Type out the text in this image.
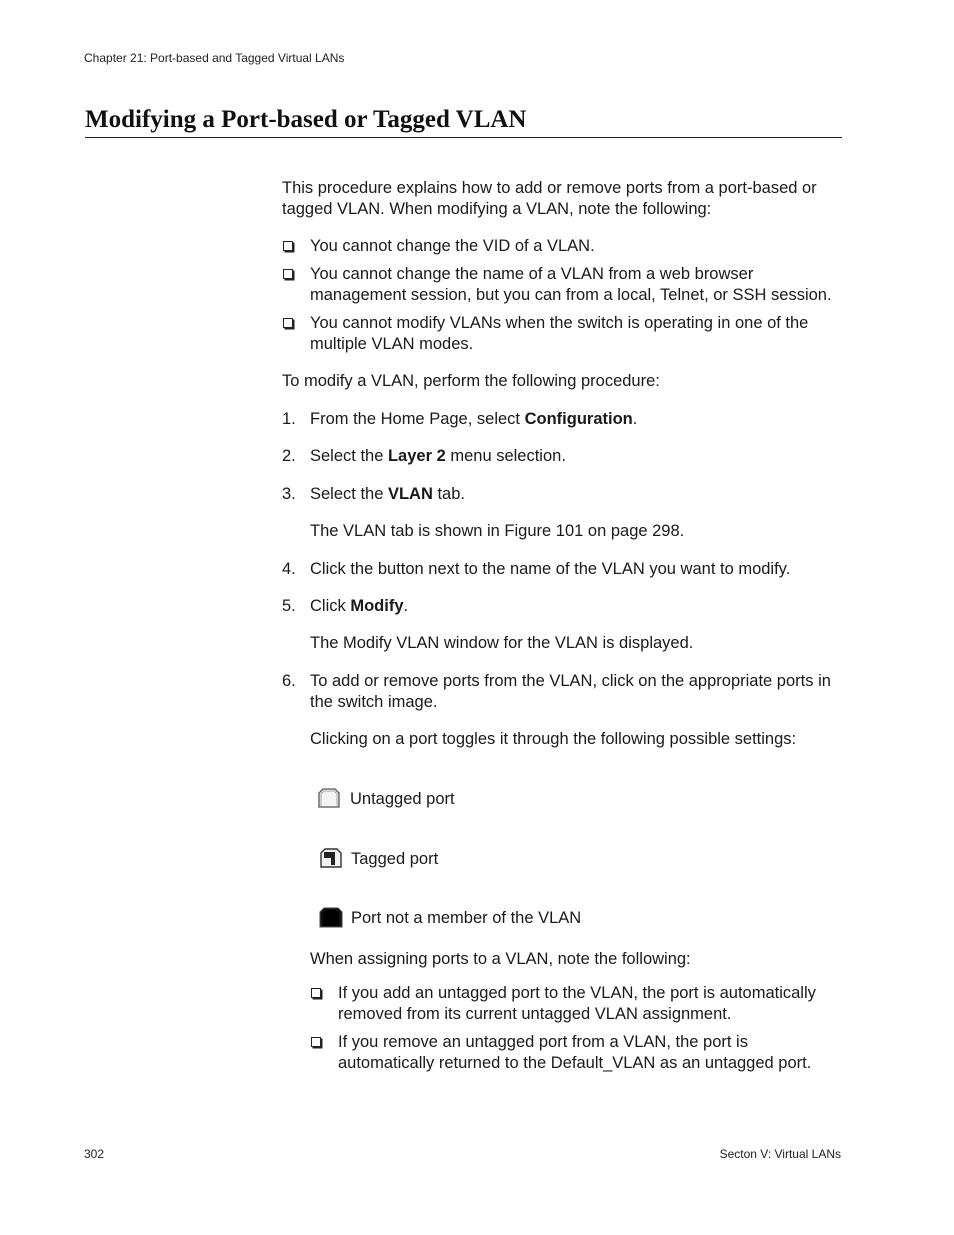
Chapter 21: Port-based and Tagged Virtual LANs
Modifying a Port-based or Tagged VLAN

This procedure explains how to add or remove ports from a port-based or tagged VLAN. When modifying a VLAN, note the following:

You cannot change the VID of a VLAN.
You cannot change the name of a VLAN from a web browser management session, but you can from a local, Telnet, or SSH session.
You cannot modify VLANs when the switch is operating in one of the multiple VLAN modes.

To modify a VLAN, perform the following procedure:

1. From the Home Page, select Configuration.
2. Select the Layer 2 menu selection.
3. Select the VLAN tab.

The VLAN tab is shown in Figure 101 on page 298.

4. Click the button next to the name of the VLAN you want to modify.
5. Click Modify.

The Modify VLAN window for the VLAN is displayed.

6. To add or remove ports from the VLAN, click on the appropriate ports in the switch image.

Clicking on a port toggles it through the following possible settings:

Untagged port
Tagged port
Port not a member of the VLAN

When assigning ports to a VLAN, note the following:

If you add an untagged port to the VLAN, the port is automatically removed from its current untagged VLAN assignment.
If you remove an untagged port from a VLAN, the port is automatically returned to the Default_VLAN as an untagged port.
302	Secton V: Virtual LANs
